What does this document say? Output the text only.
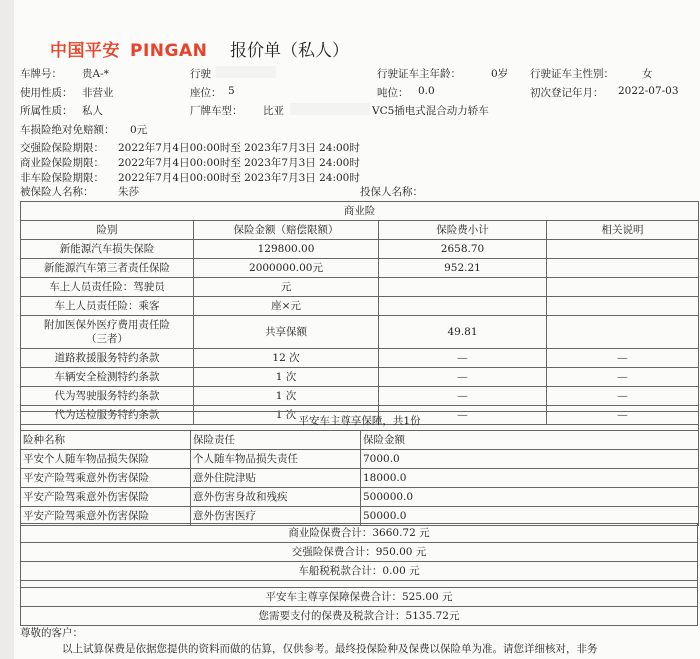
中国平安 PINGAN 报价单（私人）
车牌号： 贵A-*	行驶
	行驶证车主年龄：	0岁 行驶证车主性别：	女
使用性质： 非营业	座位： 5	吨位： 0.0	初次登记年月： 2022-07-03
所属性质： 私人	厂牌车型： 比亚
	VC5插电式混合动力轿车
车损险绝对免赔额： 0元
交强险保险期限： 2022年7月4日00:00时至 2023年7月3日 24:00时
商业险保险期限： 2022年7月4日00:00时至 2023年7月3日 24:00时
非车险保险期限： 2022年7月4日00:00时至 2023年7月3日 24:00时
被保险人名称： 朱莎	投保人名称：
商业险			
险别	保险金额（赔偿限额）	保险费小计	相关说明
新能源汽车损失保险	129800.00	2658.70	
新能源汽车第三者责任保险	2000000.00元	952.21	
车上人员责任险：驾驶员	元		
车上人员责任险：乘客	座×元		
附加医保外医疗费用责任险
（三者）	共享保额	49.81	
道路救援服务特约条款	12 次	—	—
车辆安全检测特约条款	1 次	—	—
代为驾驶服务特约条款	1 次	—	—
代为送检服务特约条款	1 次	—	—
平安车主尊享保障，共1份		
险种名称	保险责任	保险金额
平安个人随车物品损失保险	个人随车物品损失责任	7000.0
平安产险驾乘意外伤害保险	意外住院津贴	18000.0
平安产险驾乘意外伤害保险	意外伤害身故和残疾	500000.0
平安产险驾乘意外伤害保险	意外伤害医疗	50000.0
商业险保费合计：3660.72 元
交强险保费合计：950.00 元
车船税税款合计：0.00 元

平安车主尊享保障保费合计：525.00 元
您需要支付的保费及税款合计：5135.72元
尊敬的客户：
以上试算保费是依据您提供的资料而做的估算，仅供参考。最终投保险种及保费以保险单为准。请您详细核对，非务
